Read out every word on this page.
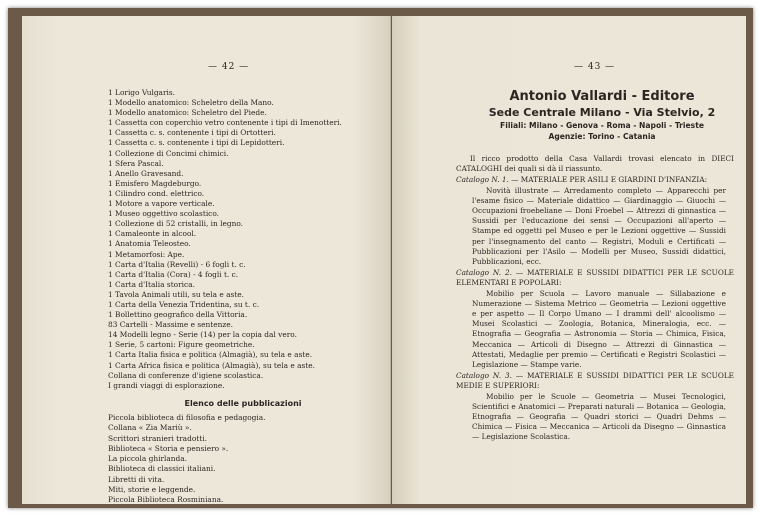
— 42 —
1 Lorigo Vulgaris.
1 Modello anatomico: Scheletro della Mano.
1 Modello anatomico: Scheletro del Piede.
1 Cassetta con coperchio vetro contenente i tipi di Imenotteri.
1 Cassetta c. s. contenente i tipi di Ortotteri.
1 Cassetta c. s. contenente i tipi di Lepidotteri.
1 Collezione di Concimi chimici.
1 Sfera Pascal.
1 Anello Gravesand.
1 Emisfero Magdeburgo.
1 Cilindro cond. elettrico.
1 Motore a vapore verticale.
1 Museo oggettivo scolastico.
1 Collezione di 52 cristalli, in legno.
1 Camaleonte in alcool.
1 Anatomia Teleosteo.
1 Metamorfosi: Ape.
1 Carta d'Italia (Revelli) - 6 fogli t. c.
1 Carta d'Italia (Cora) - 4 fogli t. c.
1 Carta d'Italia storica.
1 Tavola Animali utili, su tela e aste.
1 Carta della Venezia Tridentina, su t. c.
1 Bollettino geografico della Vittoria.
83 Cartelli - Massime e sentenze.
14 Modelli legno - Serie (14) per la copia dal vero.
1 Serie, 5 cartoni: Figure geometriche.
1 Carta Italia fisica e politica (Almagià), su tela e aste.
1 Carta Africa fisica e politica (Almagià), su tela e aste.
Collana di conferenze d'igiene scolastica.
I grandi viaggi di esplorazione.
Elenco delle pubblicazioni
Piccola biblioteca di filosofia e pedagogia.
Collana « Zia Mariù ».
Scrittori stranieri tradotti.
Biblioteca « Storia e pensiero ».
La piccola ghirlanda.
Biblioteca di classici italiani.
Libretti di vita.
Miti, storie e leggende.
Piccola Biblioteca Rosminiana.
— 43 —
Antonio Vallardi - Editore
Sede Centrale Milano - Via Stelvio, 2
Filiali: Milano - Genova - Roma - Napoli - Trieste
Agenzie: Torino - Catania
Il ricco prodotto della Casa Vallardi trovasi elencato in DIECI CATALOGHI dei quali si dà il riassunto.
Catalogo N. 1. — MATERIALE PER ASILI E GIARDINI D'INFANZIA:

Novità illustrate — Arredamento completo — Apparecchi per l'esame fisico — Materiale didattico — Giardinaggio — Giuochi — Occupazioni froebeliane — Doni Froebel — Attrezzi di ginnastica — Sussidi per l'educazione dei sensi — Occupazioni all'aperto — Stampe ed oggetti pel Museo e per le Lezioni oggettive — Sussidi per l'insegnamento del canto — Registri, Moduli e Certificati — Pubblicazioni per l'Asilo — Modelli per Museo, Sussidi didattici, Pubblicazioni, ecc.

Catalogo N. 2. — MATERIALE E SUSSIDI DIDATTICI PER LE SCUOLE ELEMENTARI E POPOLARI:

Mobilio per Scuola — Lavoro manuale — Sillabazione e Numerazione — Sistema Metrico — Geometria — Lezioni oggettive e per aspetto — Il Corpo Umano — I drammi dell' alcoolismo — Musei Scolastici — Zoologia, Botanica, Mineralogia, ecc. — Etnografia — Geografia — Astronomia — Storia — Chimica, Fisica, Meccanica — Articoli di Disegno — Attrezzi di Ginnastica — Attestati, Medaglie per premio — Certificati e Registri Scolastici — Legislazione — Stampe varie.

Catalogo N. 3. — MATERIALE E SUSSIDI DIDATTICI PER LE SCUOLE MEDIE E SUPERIORI:

Mobilio per le Scuole — Geometria — Musei Tecnologici, Scientifici e Anatomici — Preparati naturali — Botanica — Geologia, Etnografia — Geografia — Quadri storici — Quadri Dehms — Chimica — Fisica — Meccanica — Articoli da Disegno — Ginnastica — Legislazione Scolastica.
